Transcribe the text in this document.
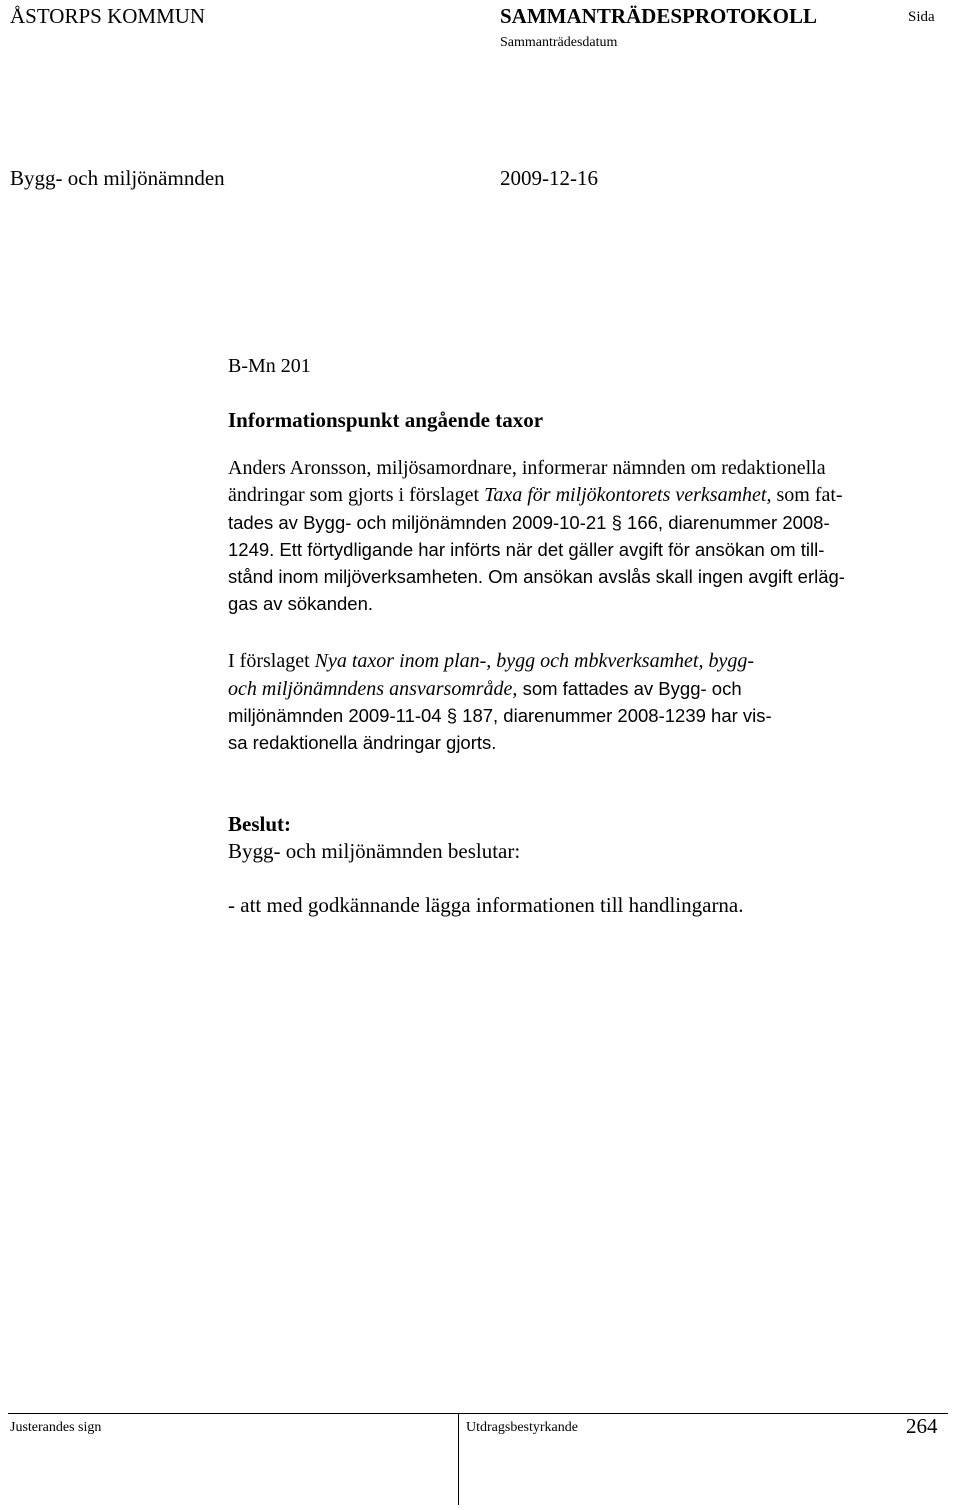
ÅSTORPS KOMMUN	SAMMANTRÄDESPROTOKOLL	Sida
Sammanträdesdatum
Bygg- och miljönämnden	2009-12-16
B-Mn 201
Informationspunkt angående taxor
Anders Aronsson, miljösamordnare, informerar nämnden om redaktionella
ändringar som gjorts i förslaget Taxa för miljökontorets verksamhet, som fat-
tades av Bygg- och miljönämnden 2009-10-21 § 166, diarenummer 2008-
1249. Ett förtydligande har införts när det gäller avgift för ansökan om till-
stånd inom miljöverksamheten. Om ansökan avslås skall ingen avgift erläg-
gas av sökanden.
I förslaget Nya taxor inom plan-, bygg och mbkverksamhet, bygg-
och miljönämndens ansvarsområde, som fattades av Bygg- och
miljönämnden 2009-11-04 § 187, diarenummer 2008-1239 har vis-
sa redaktionella ändringar gjorts.
Beslut:
Bygg- och miljönämnden beslutar:
- att med godkännande lägga informationen till handlingarna.
Justerandes sign	Utdragsbestyrkande	264
